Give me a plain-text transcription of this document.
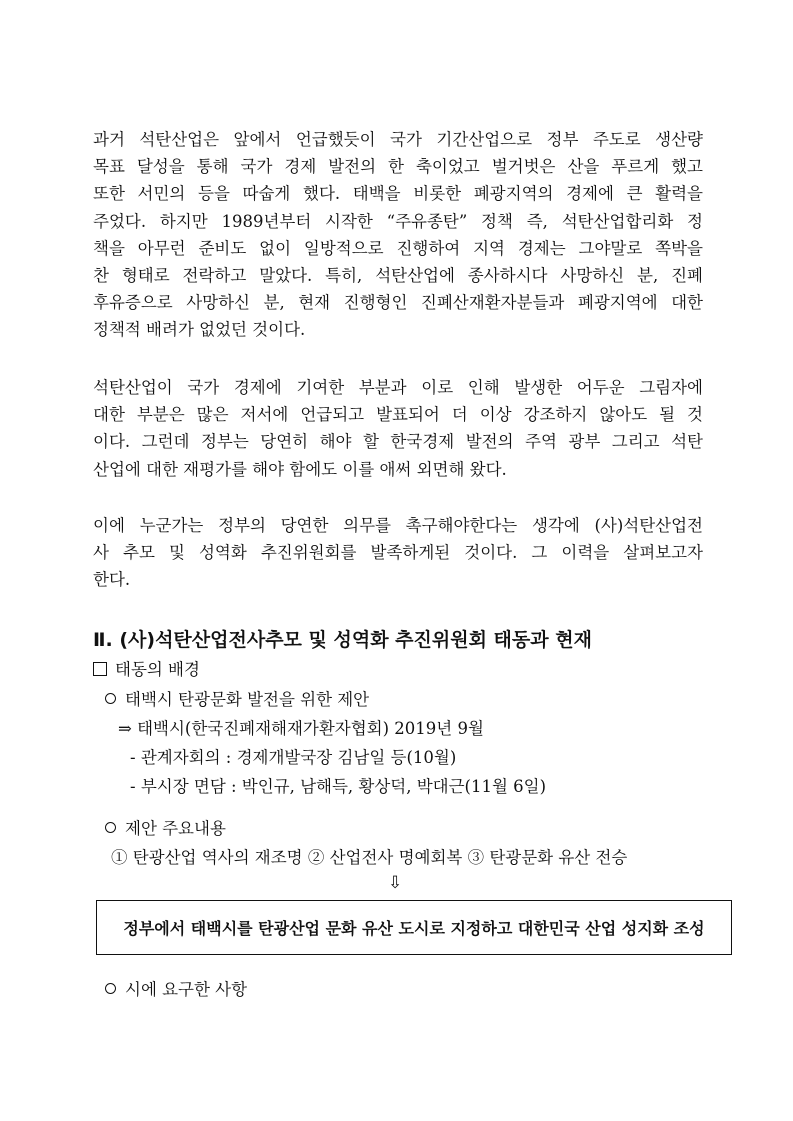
과거 석탄산업은 앞에서 언급했듯이 국가 기간산업으로 정부 주도로 생산량
목표 달성을 통해 국가 경제 발전의 한 축이었고 벌거벗은 산을 푸르게 했고
또한 서민의 등을 따숩게 했다. 태백을 비롯한 폐광지역의 경제에 큰 활력을
주었다. 하지만 1989년부터 시작한 “주유종탄” 정책 즉, 석탄산업합리화 정
책을 아무런 준비도 없이 일방적으로 진행하여 지역 경제는 그야말로 쪽박을
찬 형태로 전락하고 말았다. 특히, 석탄산업에 종사하시다 사망하신 분, 진폐
후유증으로 사망하신 분, 현재 진행형인 진폐산재환자분들과 폐광지역에 대한
정책적 배려가 없었던 것이다.
석탄산업이 국가 경제에 기여한 부분과 이로 인해 발생한 어두운 그림자에
대한 부분은 많은 저서에 언급되고 발표되어 더 이상 강조하지 않아도 될 것
이다. 그런데 정부는 당연히 해야 할 한국경제 발전의 주역 광부 그리고 석탄
산업에 대한 재평가를 해야 함에도 이를 애써 외면해 왔다.
이에 누군가는 정부의 당연한 의무를 촉구해야한다는 생각에 (사)석탄산업전
사 추모 및 성역화 추진위원회를 발족하게된 것이다. 그 이력을 살펴보고자
한다.
Ⅱ. (사)석탄산업전사추모 및 성역화 추진위원회 태동과 현재
태동의 배경
태백시 탄광문화 발전을 위한 제안
⇒ 태백시(한국진폐재해재가환자협회) 2019년 9월
- 관계자회의 : 경제개발국장 김남일 등(10월)
- 부시장 면담 : 박인규, 남해득, 황상덕, 박대근(11월 6일)
제안 주요내용
① 탄광산업 역사의 재조명 ② 산업전사 명예회복 ③ 탄광문화 유산 전승
⇩
정부에서 태백시를 탄광산업 문화 유산 도시로 지정하고 대한민국 산업 성지화 조성
시에 요구한 사항
